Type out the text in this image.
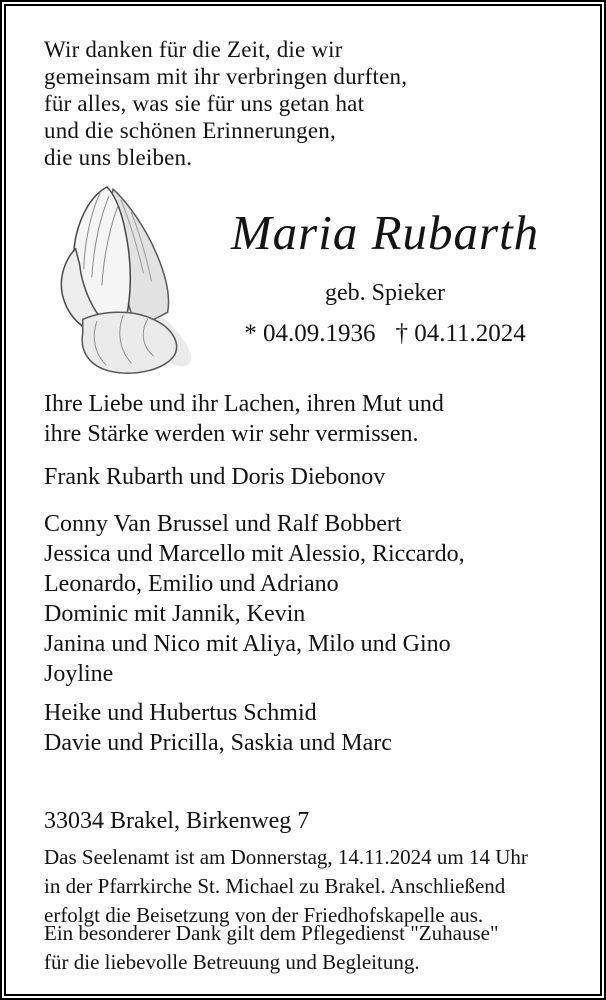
Wir danken für die Zeit, die wir
gemeinsam mit ihr verbringen durften,
für alles, was sie für uns getan hat
und die schönen Erinnerungen,
die uns bleiben.
Maria Rubarth
geb. Spieker
* 04.09.1936 † 04.11.2024
Ihre Liebe und ihr Lachen, ihren Mut und
ihre Stärke werden wir sehr vermissen.
Frank Rubarth und Doris Diebonov
Conny Van Brussel und Ralf Bobbert
Jessica und Marcello mit Alessio, Riccardo,
Leonardo, Emilio und Adriano
Dominic mit Jannik, Kevin
Janina und Nico mit Aliya, Milo und Gino
Joyline
Heike und Hubertus Schmid
Davie und Pricilla, Saskia und Marc
33034 Brakel, Birkenweg 7
Das Seelenamt ist am Donnerstag, 14.11.2024 um 14 Uhr
in der Pfarrkirche St. Michael zu Brakel. Anschließend
erfolgt die Beisetzung von der Friedhofskapelle aus.
Ein besonderer Dank gilt dem Pflegedienst "Zuhause"
für die liebevolle Betreuung und Begleitung.
